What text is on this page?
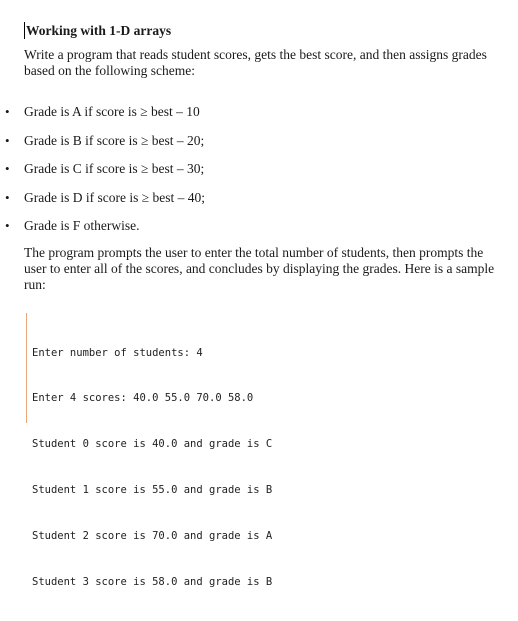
Working with 1-D arrays
Write a program that reads student scores, gets the best score, and then assigns grades based on the following scheme:
• Grade is A if score is ≥ best – 10
• Grade is B if score is ≥ best – 20;
• Grade is C if score is ≥ best – 30;
• Grade is D if score is ≥ best – 40;
• Grade is F otherwise.
The program prompts the user to enter the total number of students, then prompts the user to enter all of the scores, and concludes by displaying the grades. Here is a sample run:

Enter number of students: 4

Enter 4 scores: 40.0 55.0 70.0 58.0

Student 0 score is 40.0 and grade is C

Student 1 score is 55.0 and grade is B

Student 2 score is 70.0 and grade is A

Student 3 score is 58.0 and grade is B
